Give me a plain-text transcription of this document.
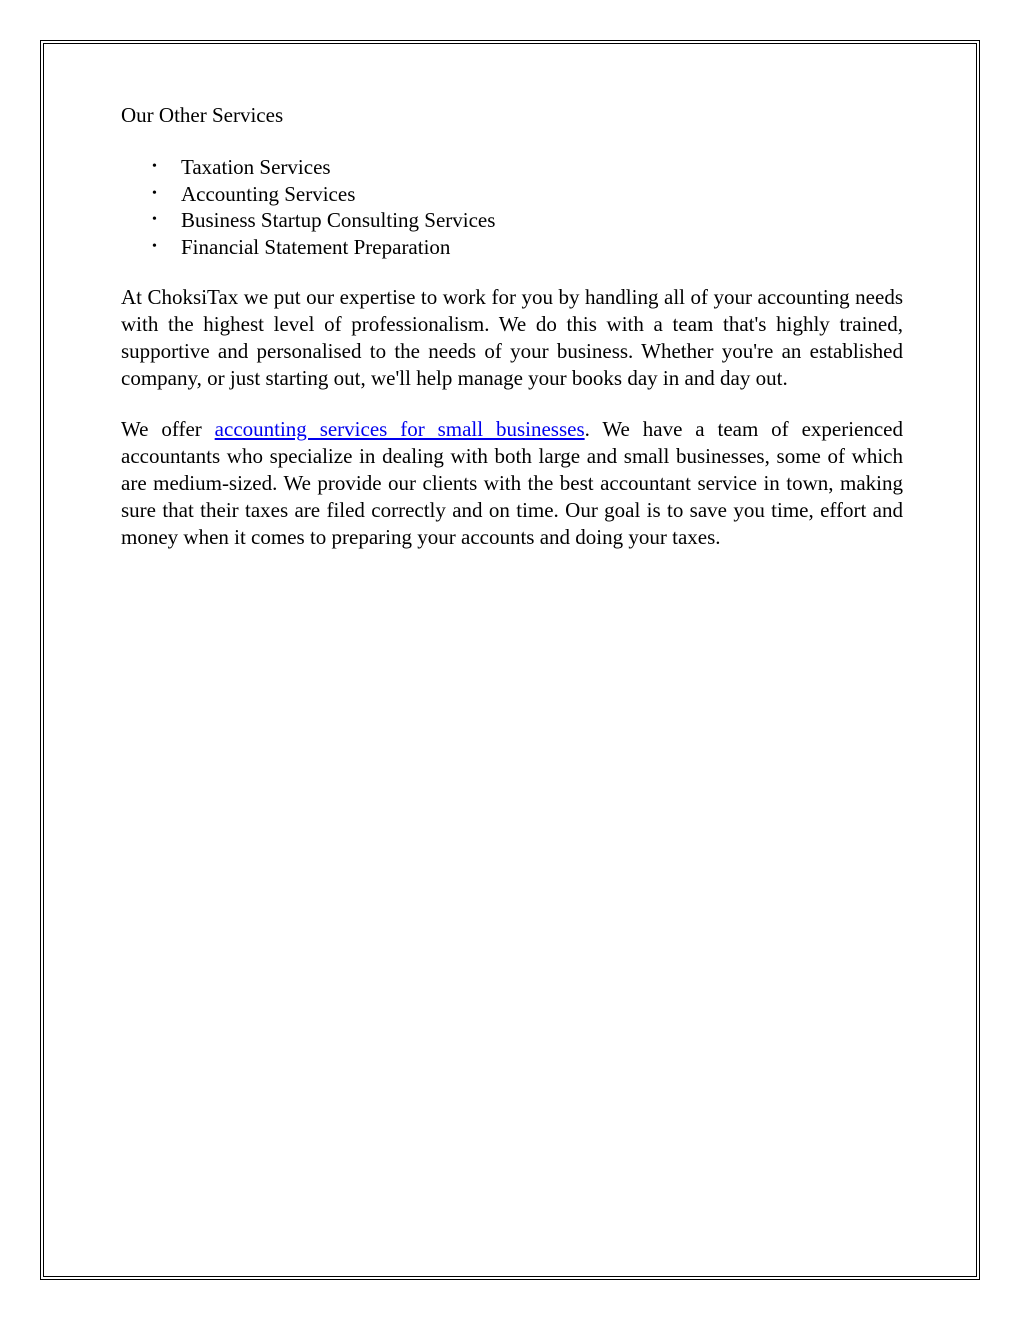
Our Other Services
• Taxation Services
• Accounting Services
• Business Startup Consulting Services
• Financial Statement Preparation

At ChoksiTax we put our expertise to work for you by handling all of your accounting needs with the highest level of professionalism. We do this with a team that's highly trained, supportive and personalised to the needs of your business. Whether you're an established company, or just starting out, we'll help manage your books day in and day out.

We offer accounting services for small businesses. We have a team of experienced accountants who specialize in dealing with both large and small businesses, some of which are medium-sized. We provide our clients with the best accountant service in town, making sure that their taxes are filed correctly and on time. Our goal is to save you time, effort and money when it comes to preparing your accounts and doing your taxes.
